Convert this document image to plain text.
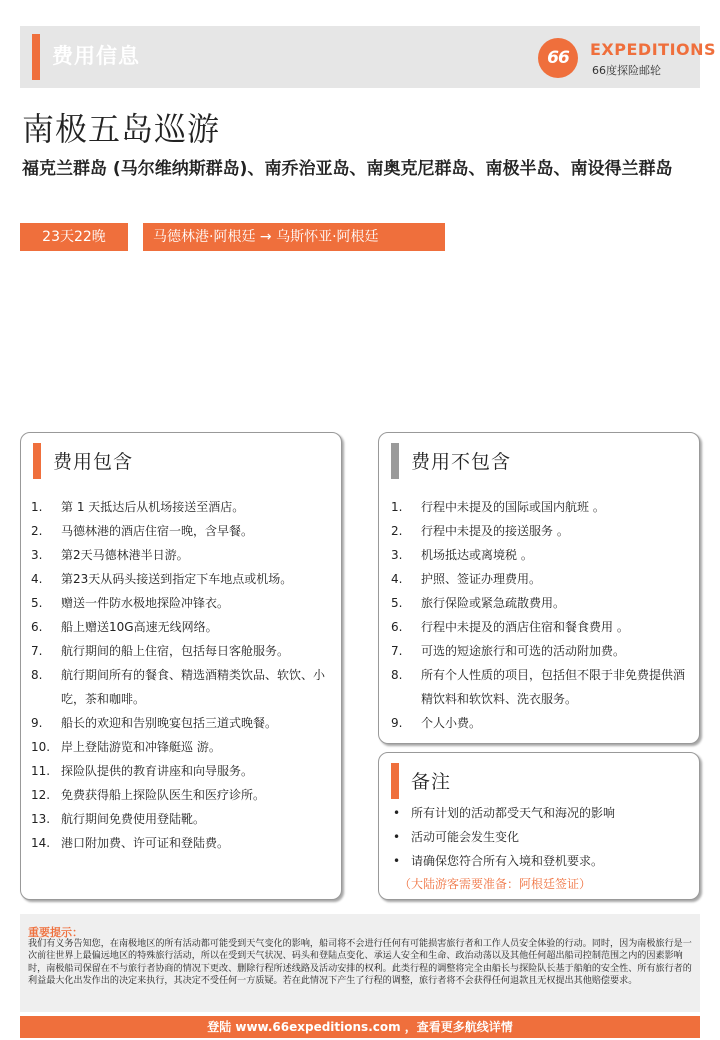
费用信息	66	EXPEDITIONS
66度探险邮轮
南极五岛巡游
福克兰群岛 (马尔维纳斯群岛)、南乔治亚岛、南奥克尼群岛、南极半岛、南设得兰群岛
23天22晚	马德林港·阿根廷 → 乌斯怀亚·阿根廷
费用包含
1. 第 1 天抵达后从机场接送至酒店。
2. 马德林港的酒店住宿一晚，含早餐。
3. 第2天马德林港半日游。
4. 第23天从码头接送到指定下车地点或机场。
5. 赠送一件防水极地探险冲锋衣。
6. 船上赠送10G高速无线网络。
7. 航行期间的船上住宿，包括每日客舱服务。
8. 航行期间所有的餐食、精选酒精类饮品、软饮、小吃，茶和咖啡。
9. 船长的欢迎和告别晚宴包括三道式晚餐。
10. 岸上登陆游览和冲锋艇巡 游。
11. 探险队提供的教育讲座和向导服务。
12. 免费获得船上探险队医生和医疗诊所。
13. 航行期间免费使用登陆靴。
14. 港口附加费、许可证和登陆费。
费用不包含
1. 行程中未提及的国际或国内航班 。
2. 行程中未提及的接送服务 。
3. 机场抵达或离境税 。
4. 护照、签证办理费用。
5. 旅行保险或紧急疏散费用。
6. 行程中未提及的酒店住宿和餐食费用 。
7. 可选的短途旅行和可选的活动附加费。
8. 所有个人性质的项目，包括但不限于非免费提供酒精饮料和软饮料、洗衣服务。
9. 个人小费。
备注
• 所有计划的活动都受天气和海况的影响
• 活动可能会发生变化
• 请确保您符合所有入境和登机要求。
（大陆游客需要准备：阿根廷签证）
重要提示：
我们有义务告知您，在南极地区的所有活动都可能受到天气变化的影响，船司将不会进行任何有可能损害旅行者和工作人员安全体验的行动。同时，因为南极旅行是一次前往世界上最偏远地区的特殊旅行活动，所以在受到天气状况、码头和登陆点变化、承运人安全和生命、政治动荡以及其他任何超出船司控制范围之内的因素影响时，南极船司保留在不与旅行者协商的情况下更改、删除行程所述线路及活动安排的权利。此类行程的调整将完全由船长与探险队长基于船舶的安全性、所有旅行者的利益最大化出发作出的决定来执行，其决定不受任何一方质疑。若在此情况下产生了行程的调整，旅行者将不会获得任何退款且无权提出其他赔偿要求。
登陆 www.66expeditions.com ，查看更多航线详情
